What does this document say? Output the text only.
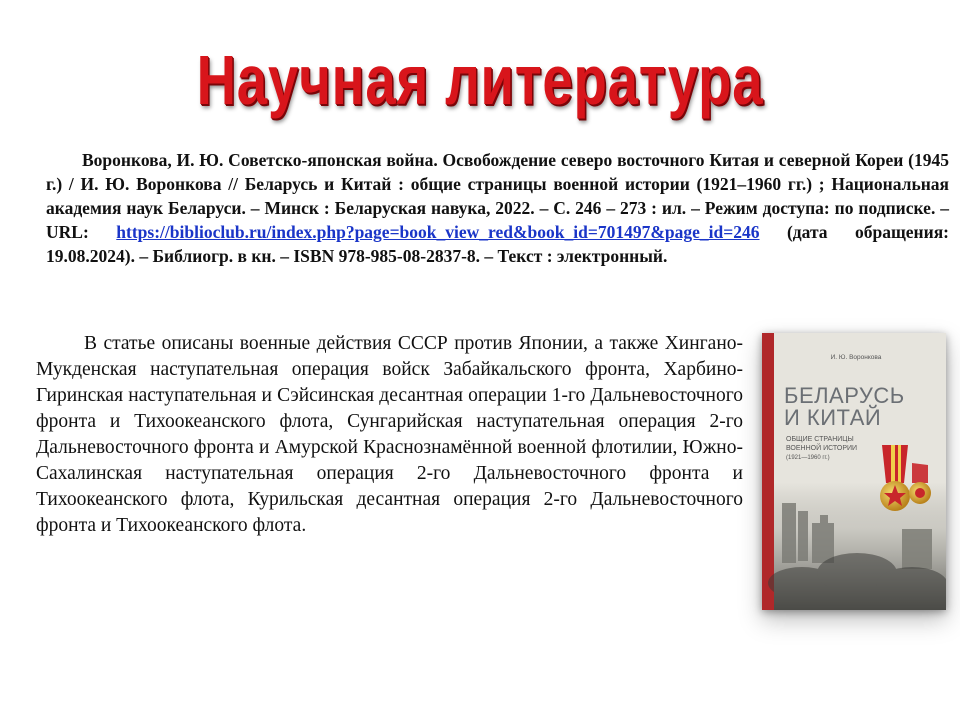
Научная литература

Воронкова, И. Ю. Советско-японская война. Освобождение северо восточного Китая и северной Кореи (1945 г.) / И. Ю. Воронкова // Беларусь и Китай : общие страницы военной истории (1921–1960 гг.) ; Национальная академия наук Беларуси. – Минск : Беларуская навука, 2022. – С. 246 – 273 : ил. – Режим доступа: по подписке. – URL: https://biblioclub.ru/index.php?page=book_view_red&book_id=701497&page_id=246 (дата обращения: 19.08.2024). – Библиогр. в кн. – ISBN 978-985-08-2837-8. – Текст : электронный.

В статье описаны военные действия СССР против Японии, а также Хингано-Мукденская наступательная операция войск Забайкальского фронта, Харбино-Гиринская наступательная и Сэйсинская десантная операции 1-го Дальневосточного фронта и Тихоокеанского флота, Сунгарийская наступательная операция 2-го Дальневосточного фронта и Амурской Краснознамённой военной флотилии, Южно-Сахалинская наступательная операция 2-го Дальневосточного фронта и Тихоокеанского флота, Курильская десантная операция 2-го Дальневосточного фронта и Тихоокеанского флота.

И. Ю. Воронкова
БЕЛАРУСЬ
И КИТАЙ
ОБЩИЕ СТРАНИЦЫ
ВОЕННОЙ ИСТОРИИ
(1921—1960 гг.)
